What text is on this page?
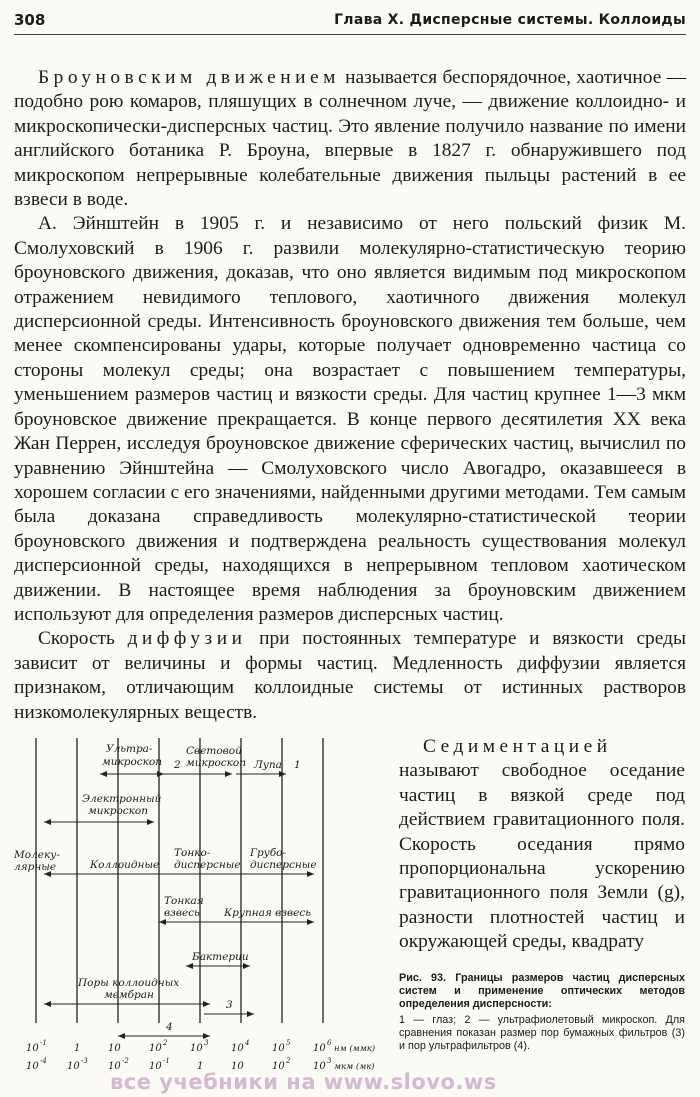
308	Глава X. Дисперсные системы. Коллоиды

Броуновским движением называется беспорядочное, хаотичное — подобно рою комаров, пляшущих в солнечном луче, — движение коллоидно- и микроскопически-дисперсных частиц. Это явление получило название по имени английского ботаника Р. Броуна, впервые в 1827 г. обнаружившего под микроскопом непрерывные колебательные движения пыльцы растений в ее взвеси в воде.

А. Эйнштейн в 1905 г. и независимо от него польский физик М. Смолуховский в 1906 г. развили молекулярно-статистическую теорию броуновского движения, доказав, что оно является видимым под микроскопом отражением невидимого теплового, хаотичного движения молекул дисперсионной среды. Интенсивность броуновского движения тем больше, чем менее скомпенсированы удары, которые получает одновременно частица со стороны молекул среды; она возрастает с повышением температуры, уменьшением размеров частиц и вязкости среды. Для частиц крупнее 1—3 мкм броуновское движение прекращается. В конце первого десятилетия XX века Жан Перрен, исследуя броуновское движение сферических частиц, вычислил по уравнению Эйнштейна — Смолуховского число Авогадро, оказавшееся в хорошем согласии с его значениями, найденными другими методами. Тем самым была доказана справедливость молекулярно-статистической теории броуновского движения и подтверждена реальность существования молекул дисперсионной среды, находящихся в непрерывном тепловом хаотическом движении. В настоящее время наблюдения за броуновским движением используют для определения размеров дисперсных частиц.

Скорость диффузии при постоянных температуре и вязкости среды зависит от величины и формы частиц. Медленность диффузии является признаком, отличающим коллоидные системы от истинных растворов низкомолекулярных веществ.

Седиментацией называют свободное оседание частиц в вязкой среде под действием гравитационного поля. Скорость оседания прямо пропорциональна ускорению гравитационного поля Земли (g), разности плотностей частиц и окружающей среды, квадрату

Ультра-
микроскоп 2
Световой
микроскоп Лупа 1
Электронный
микроскоп
Молеку-
лярные	Коллоидные
Тонко-
дисперсные
Грубо-
дисперсные
Тонкая
взвесь Крупная взвесь
Бактерии
Поры коллоидных
мембран
3
4
10 -1	1	10	10 2 10 3 10 4 10 5 10 6
нм (ммк)
10 -4 10 -3 10 -2 10 -1	1	10	10 2 10 3
мкм (мк)
Рис. 93. Границы размеров частиц дисперсных систем и применение оптических методов определения дисперсности:
1 — глаз; 2 — ультрафиолетовый микроскоп. Для сравнения показан размер пор бумажных фильтров (3) и пор ультрафильтров (4).
все учебники на www.slovo.ws
